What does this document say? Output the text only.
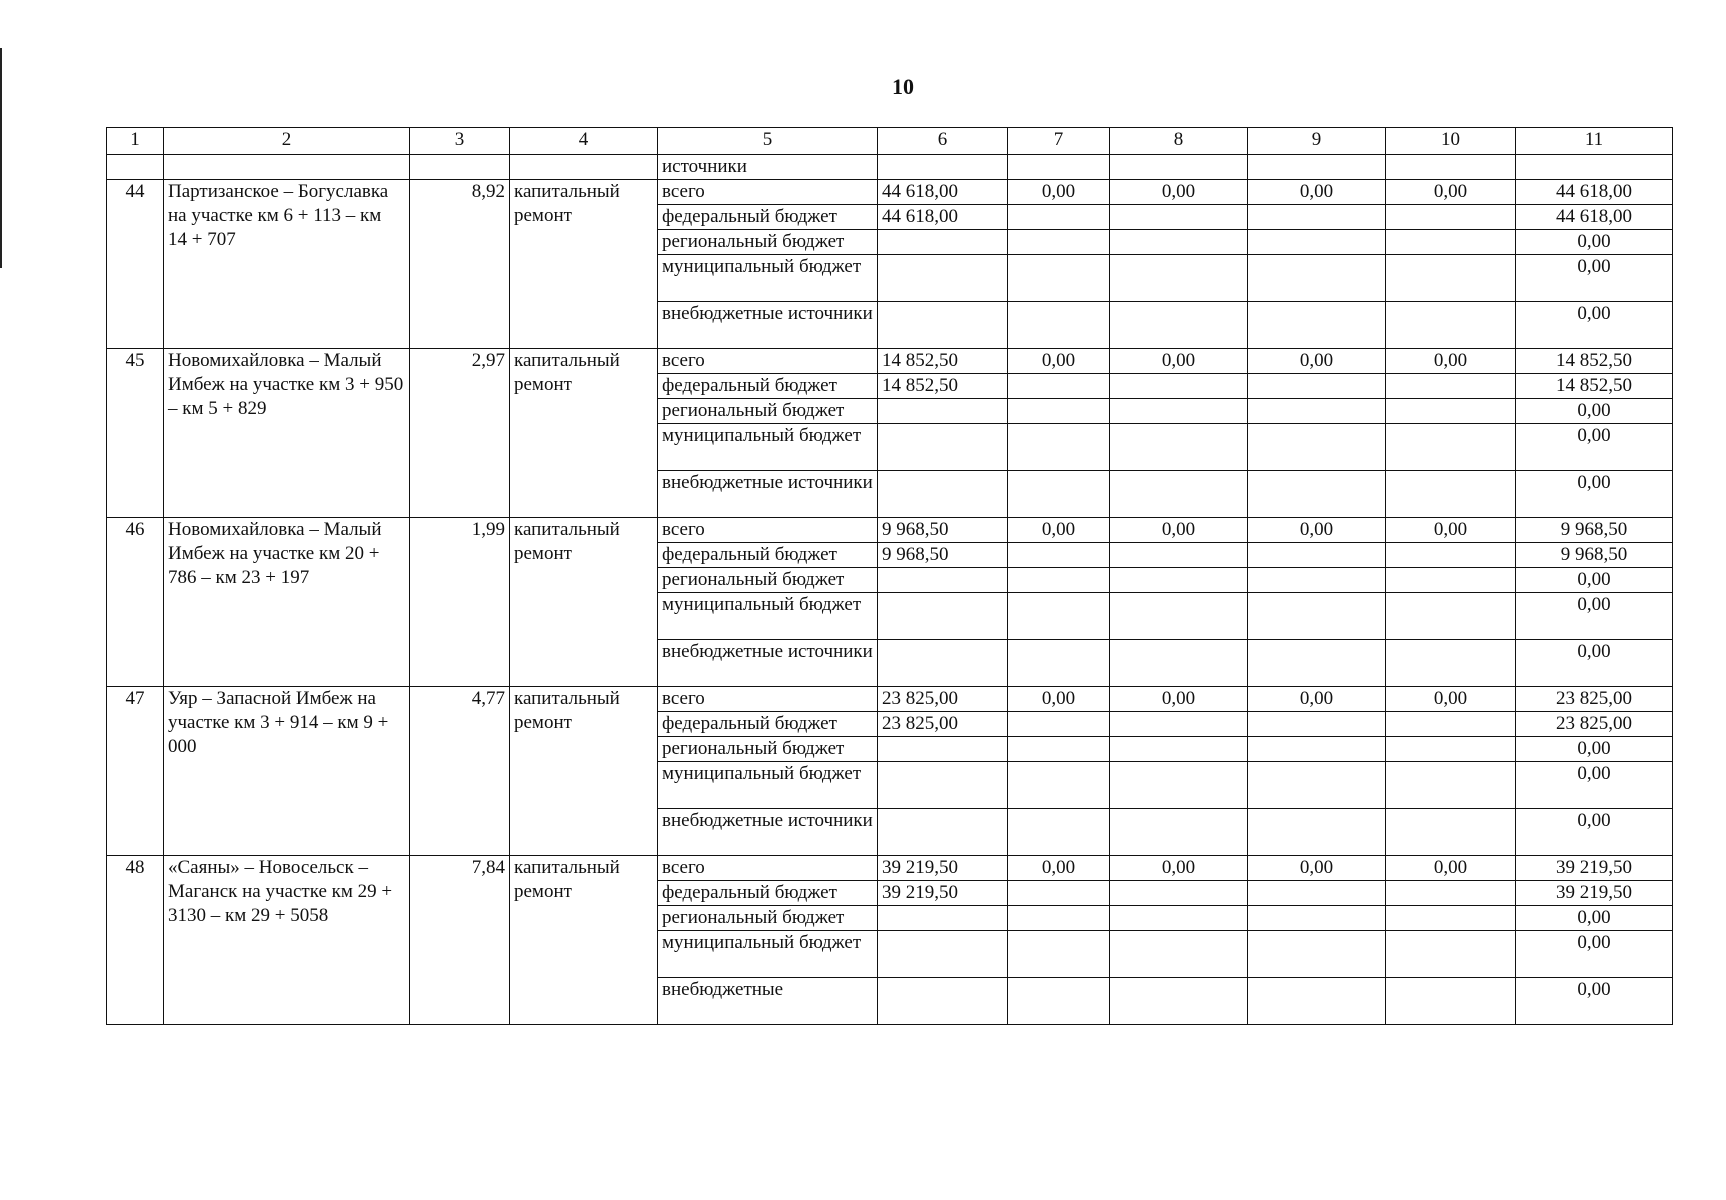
10
1	2	3	4	5	6	7	8	9	10	11
				источники						
44	Партизанское – Богуславка на участке км 6 + 113 – км 14 + 707	8,92	капитальный ремонт	всего	44 618,00	0,00	0,00	0,00	0,00	44 618,00
				федеральный бюджет	44 618,00					44 618,00
				региональный бюджет						0,00
				муниципальный бюджет						0,00
				внебюджетные источники						0,00
45	Новомихайловка – Малый Имбеж на участке км 3 + 950 – км 5 + 829	2,97	капитальный ремонт	всего	14 852,50	0,00	0,00	0,00	0,00	14 852,50
				федеральный бюджет	14 852,50					14 852,50
				региональный бюджет						0,00
				муниципальный бюджет						0,00
				внебюджетные источники						0,00
46	Новомихайловка – Малый Имбеж на участке км 20 + 786 – км 23 + 197	1,99	капитальный ремонт	всего	9 968,50	0,00	0,00	0,00	0,00	9 968,50
				федеральный бюджет	9 968,50					9 968,50
				региональный бюджет						0,00
				муниципальный бюджет						0,00
				внебюджетные источники						0,00
47	Уяр – Запасной Имбеж на участке км 3 + 914 – км 9 + 000	4,77	капитальный ремонт	всего	23 825,00	0,00	0,00	0,00	0,00	23 825,00
				федеральный бюджет	23 825,00					23 825,00
				региональный бюджет						0,00
				муниципальный бюджет						0,00
				внебюджетные источники						0,00
48	«Саяны» – Новосельск – Маганск на участке км 29 + 3130 – км 29 + 5058	7,84	капитальный ремонт	всего	39 219,50	0,00	0,00	0,00	0,00	39 219,50
				федеральный бюджет	39 219,50					39 219,50
				региональный бюджет						0,00
				муниципальный бюджет						0,00
				внебюджетные						0,00
